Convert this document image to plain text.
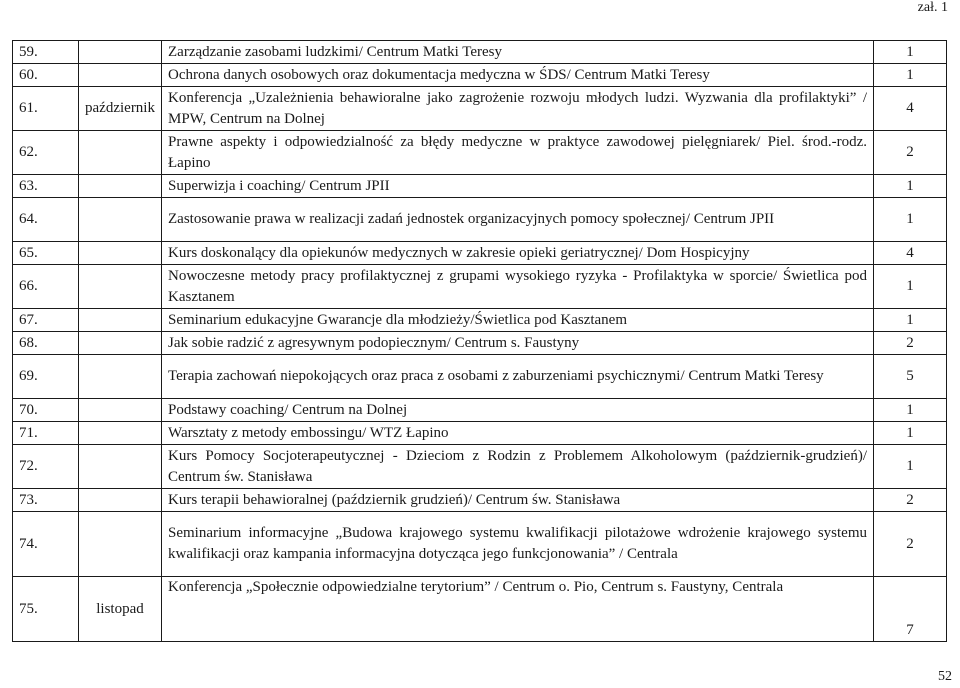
zał. 1
59.		Zarządzanie zasobami ludzkimi/ Centrum Matki Teresy	1
60.		Ochrona danych osobowych oraz dokumentacja medyczna w ŚDS/ Centrum Matki Teresy	1
61.	październik	Konferencja „Uzależnienia behawioralne jako zagrożenie rozwoju młodych ludzi. Wyzwania dla profilaktyki” / MPW, Centrum na Dolnej	4
62.		Prawne aspekty i odpowiedzialność za błędy medyczne w praktyce zawodowej pielęgniarek/ Piel. środ.-rodz. Łapino	2
63.		Superwizja i coaching/ Centrum JPII	1
64.		Zastosowanie prawa w realizacji zadań jednostek organizacyjnych pomocy społecznej/ Centrum JPII	1
65.		Kurs doskonalący dla opiekunów medycznych w zakresie opieki geriatrycznej/ Dom Hospicyjny	4
66.		Nowoczesne metody pracy profilaktycznej z grupami wysokiego ryzyka - Profilaktyka w sporcie/ Świetlica pod Kasztanem	1
67.		Seminarium edukacyjne Gwarancje dla młodzieży/Świetlica pod Kasztanem	1
68.		Jak sobie radzić z agresywnym podopiecznym/ Centrum s. Faustyny	2
69.		Terapia zachowań niepokojących oraz praca z osobami z zaburzeniami psychicznymi/ Centrum Matki Teresy	5
70.		Podstawy coaching/ Centrum na Dolnej	1
71.		Warsztaty z metody embossingu/ WTZ Łapino	1
72.		Kurs Pomocy Socjoterapeutycznej - Dzieciom z Rodzin z Problemem Alkoholowym (październik-grudzień)/ Centrum św. Stanisława	1
73.		Kurs terapii behawioralnej (październik grudzień)/ Centrum św. Stanisława	2
74.		Seminarium informacyjne „Budowa krajowego systemu kwalifikacji pilotażowe wdrożenie krajowego systemu kwalifikacji oraz kampania informacyjna dotycząca jego funkcjonowania” / Centrala	2
75.	listopad	Konferencja „Społecznie odpowiedzialne terytorium” / Centrum o. Pio, Centrum s. Faustyny, Centrala	7
52
